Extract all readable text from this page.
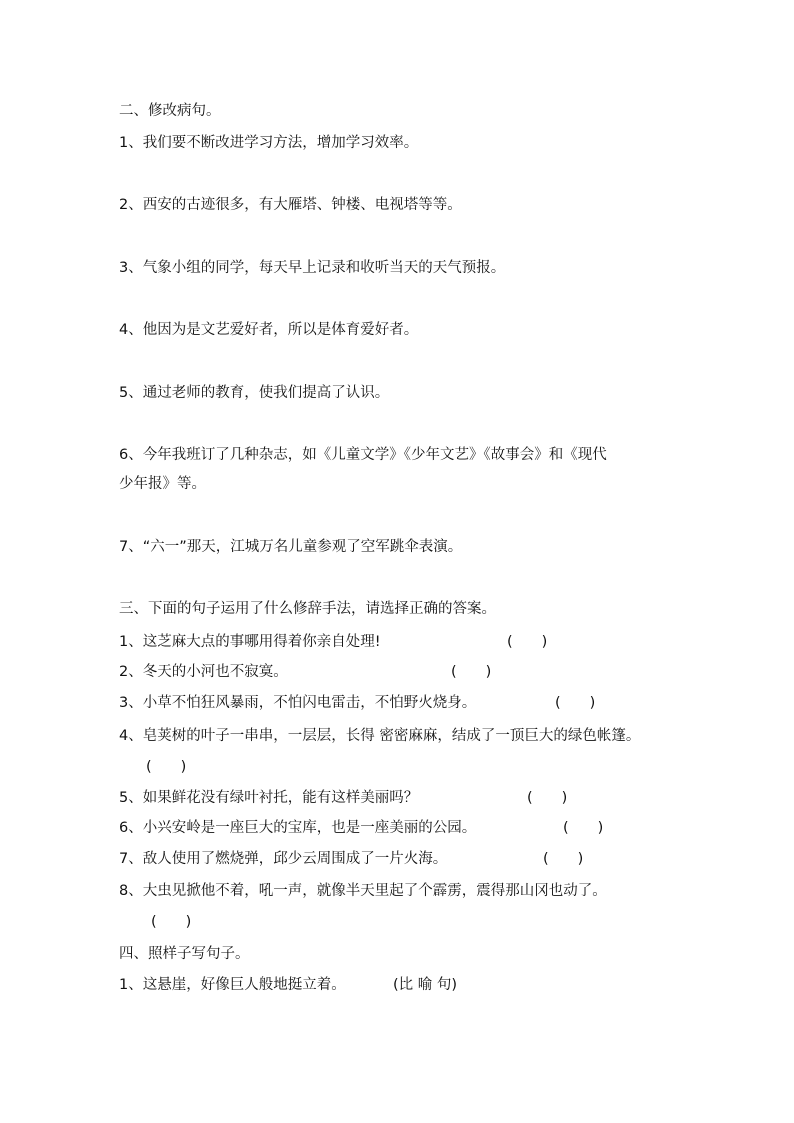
二、修改病句。
1、我们要不断改进学习方法，增加学习效率。
2、西安的古迹很多，有大雁塔、钟楼、电视塔等等。
3、气象小组的同学，每天早上记录和收听当天的天气预报。
4、他因为是文艺爱好者，所以是体育爱好者。
5、通过老师的教育，使我们提高了认识。
6、今年我班订了几种杂志，如《儿童文学》《少年文艺》《故事会》和《现代
少年报》等。
7、“六一”那天，江城万名儿童参观了空军跳伞表演。
三、下面的句子运用了什么修辞手法，请选择正确的答案。
1、这芝麻大点的事哪用得着你亲自处理!	(　　)
2、冬天的小河也不寂寞。	(　　)
3、小草不怕狂风暴雨，不怕闪电雷击，不怕野火烧身。	(　　)
4、皂荚树的叶子一串串，一层层，长得 密密麻麻，结成了一顶巨大的绿色帐篷。
(　　)
5、如果鲜花没有绿叶衬托，能有这样美丽吗？	(　　)
6、小兴安岭是一座巨大的宝库，也是一座美丽的公园。	(　　)
7、敌人使用了燃烧弹，邱少云周围成了一片火海。	(　　)
8、大虫见掀他不着，吼一声，就像半天里起了个霹雳，震得那山冈也动了。
(　　)
四、照样子写句子。
1、这悬崖，好像巨人般地挺立着。	(比 喻 句)
